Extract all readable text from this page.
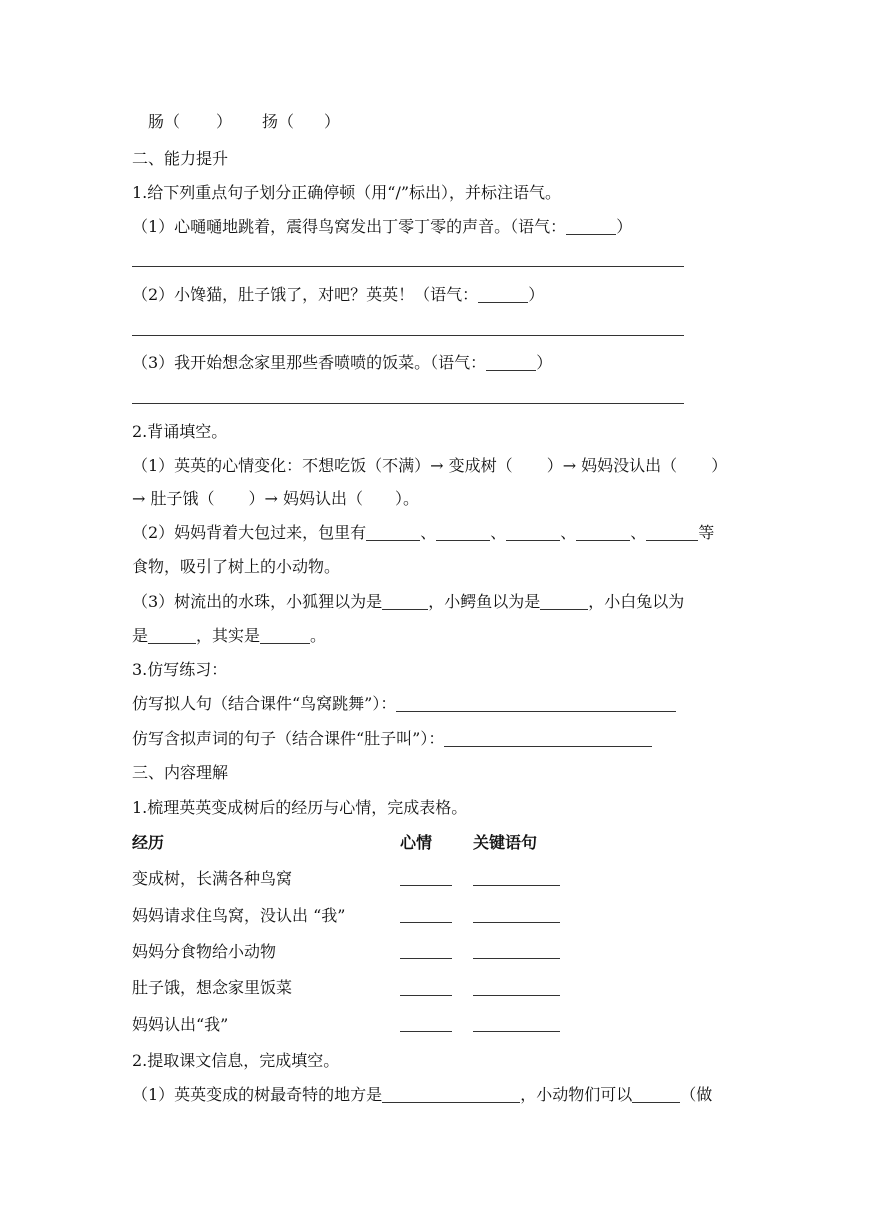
肠（ ） 扬（ ）
二、能力提升
1.给下列重点句子划分正确停顿（用“/”标出），并标注语气。
（1）心嗵嗵地跳着，震得鸟窝发出丁零丁零的声音。（语气：	）
（2）小馋猫，肚子饿了，对吧？英英！（语气：	）
（3）我开始想念家里那些香喷喷的饭菜。（语气：	）
2.背诵填空。
（1）英英的心情变化：不想吃饭（不满）→ 变成树（ ）→ 妈妈没认出（ ）
→ 肚子饿（ ）→ 妈妈认出（ ）。
（2）妈妈背着大包过来，包里有	、	、	、	、	等
食物，吸引了树上的小动物。
（3）树流出的水珠，小狐狸以为是	，小鳄鱼以为是	，小白兔以为
是	，其实是	。
3.仿写练习：
仿写拟人句（结合课件“鸟窝跳舞”）：
仿写含拟声词的句子（结合课件“肚子叫”）：
三、内容理解
1.梳理英英变成树后的经历与心情，完成表格。
经历	心情	关键语句
变成树，长满各种鸟窝
妈妈请求住鸟窝，没认出 “我”
妈妈分食物给小动物
肚子饿，想念家里饭菜
妈妈认出“我”
2.提取课文信息，完成填空。
（1）英英变成的树最奇特的地方是	，小动物们可以	（做
